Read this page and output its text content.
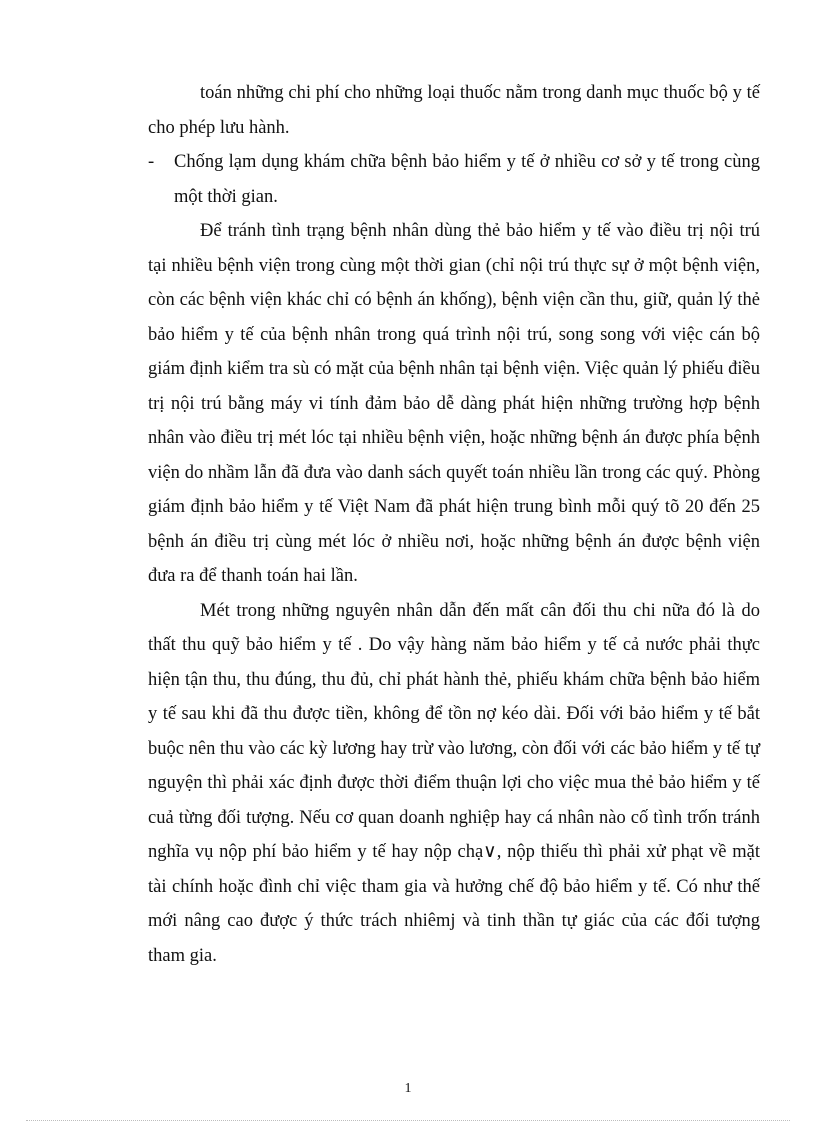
toán những chi phí cho những loại thuốc nằm trong danh mục thuốc bộ y tế cho phép lưu hành.

- Chống lạm dụng khám chữa bệnh bảo hiểm y tế ở nhiều cơ sở y tế trong cùng một thời gian.

Để tránh tình trạng bệnh nhân dùng thẻ bảo hiểm y tế vào điều trị nội trú tại nhiều bệnh viện trong cùng một thời gian (chỉ nội trú thực sự ở một bệnh viện, còn các bệnh viện khác chỉ có bệnh án khống), bệnh viện cần thu, giữ, quản lý thẻ bảo hiểm y tế của bệnh nhân trong quá trình nội trú, song song với việc cán bộ giám định kiểm tra sù có mặt của bệnh nhân tại bệnh viện. Việc quản lý phiếu điều trị nội trú bằng máy vi tính đảm bảo dễ dàng phát hiện những trường hợp bệnh nhân vào điều trị mét lóc tại nhiều bệnh viện, hoặc những bệnh án được phía bệnh viện do nhầm lẫn đã đưa vào danh sách quyết toán nhiều lần trong các quý. Phòng giám định bảo hiểm y tế Việt Nam đã phát hiện trung bình mỗi quý tõ 20 đến 25 bệnh án điều trị cùng mét lóc ở nhiều nơi, hoặc những bệnh án được bệnh viện đưa ra để thanh toán hai lần.

Mét trong những nguyên nhân dẫn đến mất cân đối thu chi nữa đó là do thất thu quỹ bảo hiểm y tế . Do vậy hàng năm bảo hiểm y tế cả nước phải thực hiện tận thu, thu đúng, thu đủ, chỉ phát hành thẻ, phiếu khám chữa bệnh bảo hiểm y tế sau khi đã thu được tiền, không để tồn nợ kéo dài. Đối với bảo hiểm y tế bắt buộc nên thu vào các kỳ lương hay trừ vào lương, còn đối với các bảo hiểm y tế tự nguyện thì phải xác định được thời điểm thuận lợi cho việc mua thẻ bảo hiểm y tế cuả từng đối tượng. Nếu cơ quan doanh nghiệp hay cá nhân nào cố tình trốn tránh nghĩa vụ nộp phí bảo hiểm y tế hay nộp chạ∨, nộp thiếu thì phải xử phạt về mặt tài chính hoặc đình chỉ việc tham gia và hưởng chế độ bảo hiểm y tế. Có như thế mới nâng cao được ý thức trách nhiêmj và tinh thần tự giác của các đối tượng tham gia.

1
